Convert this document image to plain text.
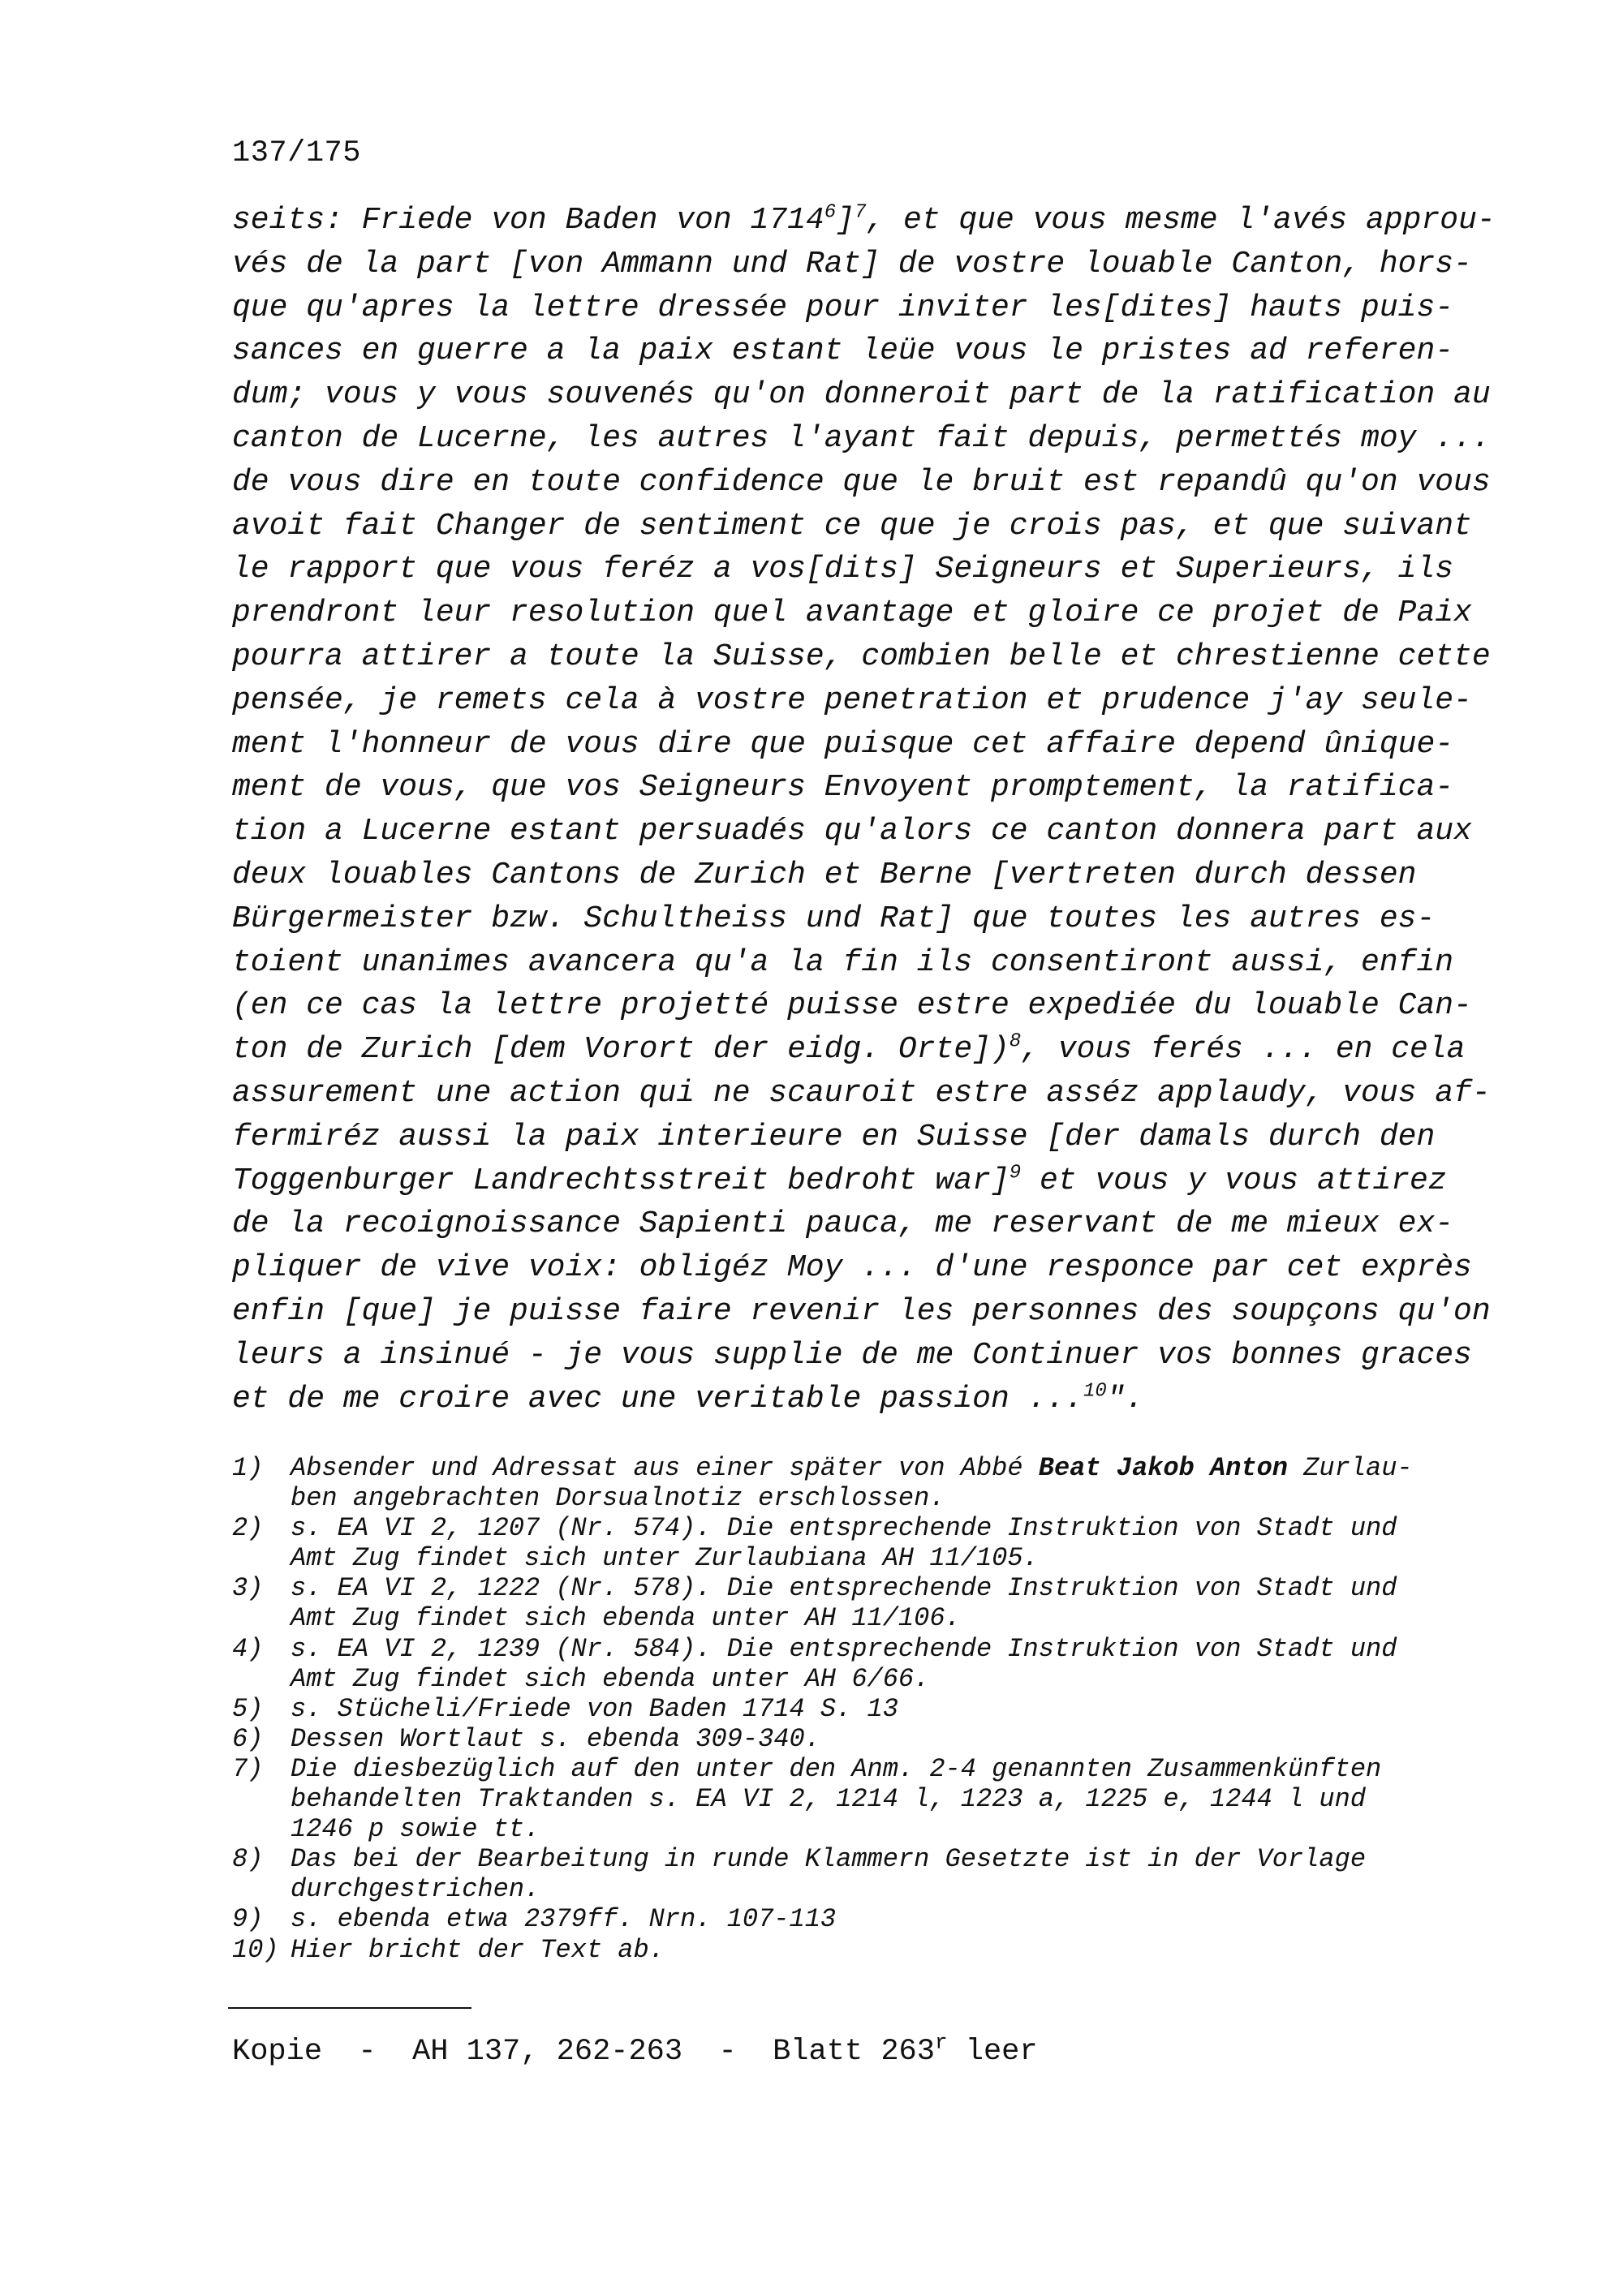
137/175
seits: Friede von Baden von 1714$^6$]$^7$, et que vous mesme l'avés approu-
vés de la part [von Ammann und Rat] de vostre louable Canton, hors-
que qu'apres la lettre dressée pour inviter les[dites] hauts puis-
sances en guerre a la paix estant leüe vous le pristes ad referen-
dum; vous y vous souvenés qu'on donneroit part de la ratification au
canton de Lucerne, les autres l'ayant fait depuis, permettés moy ...
de vous dire en toute confidence que le bruit est repandû qu'on vous
avoit fait Changer de sentiment ce que je crois pas, et que suivant
le rapport que vous feréz a vos[dits] Seigneurs et Superieurs, ils
prendront leur resolution quel avantage et gloire ce projet de Paix
pourra attirer a toute la Suisse, combien belle et chrestienne cette
pensée, je remets cela à vostre penetration et prudence j'ay seule-
ment l'honneur de vous dire que puisque cet affaire depend ûnique-
ment de vous, que vos Seigneurs Envoyent promptement, la ratifica-
tion a Lucerne estant persuadés qu'alors ce canton donnera part aux
deux louables Cantons de Zurich et Berne [vertreten durch dessen
Bürgermeister bzw. Schultheiss und Rat] que toutes les autres es-
toient unanimes avancera qu'a la fin ils consentiront aussi, enfin
(en ce cas la lettre projetté puisse estre expediée du louable Can-
ton de Zurich [dem Vorort der eidg. Orte])$^8$, vous ferés ... en cela
assurement une action qui ne scauroit estre asséz applaudy, vous af-
fermiréz aussi la paix interieure en Suisse [der damals durch den
Toggenburger Landrechtsstreit bedroht war]$^9$ et vous y vous attirez
de la recoignoissance Sapienti pauca, me reservant de me mieux ex-
pliquer de vive voix: obligéz Moy ... d'une responce par cet exprès
enfin [que] je puisse faire revenir les personnes des soupçons qu'on
leurs a insinué - je vous supplie de me Continuer vos bonnes graces
et de me croire avec une veritable passion ...$^{10}$".
1)	Absender und Adressat aus einer später von Abbé Beat Jakob Anton Zurlau-
ben angebrachten Dorsualnotiz erschlossen.
2)	s. EA VI 2, 1207 (Nr. 574). Die entsprechende Instruktion von Stadt und
Amt Zug findet sich unter Zurlaubiana AH 11/105.
3)	s. EA VI 2, 1222 (Nr. 578). Die entsprechende Instruktion von Stadt und
Amt Zug findet sich ebenda unter AH 11/106.
4)	s. EA VI 2, 1239 (Nr. 584). Die entsprechende Instruktion von Stadt und
Amt Zug findet sich ebenda unter AH 6/66.
5)	s. Stücheli/Friede von Baden 1714 S. 13
6)	Dessen Wortlaut s. ebenda 309-340.
7)	Die diesbezüglich auf den unter den Anm. 2-4 genannten Zusammenkünften
behandelten Traktanden s. EA VI 2, 1214 l, 1223 a, 1225 e, 1244 l und
1246 p sowie tt.
8)	Das bei der Bearbeitung in runde Klammern Gesetzte ist in der Vorlage
durchgestrichen.
9)	s. ebenda etwa 2379ff. Nrn. 107-113
10) Hier bricht der Text ab.
Kopie  -  AH 137, 262-263  -  Blatt 263$^r$ leer
